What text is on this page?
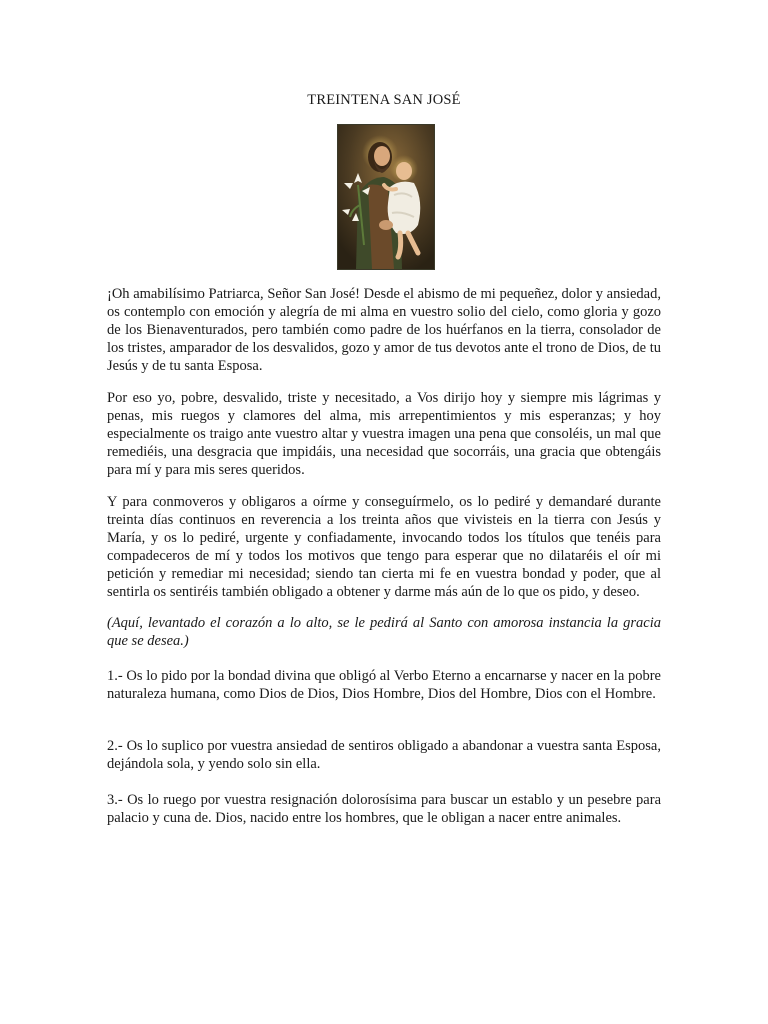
TREINTENA SAN JOSÉ

¡Oh amabilísimo Patriarca, Señor San José! Desde el abismo de mi pequeñez, dolor y ansiedad, os contemplo con emoción y alegría de mi alma en vuestro solio del cielo, como gloria y gozo de los Bienaventurados, pero también como padre de los huérfanos en la tierra, consolador de los tristes, amparador de los desvalidos, gozo y amor de tus devotos ante el trono de Dios, de tu Jesús y de tu santa Esposa.

Por eso yo, pobre, desvalido, triste y necesitado, a Vos dirijo hoy y siempre mis lágrimas y penas, mis ruegos y clamores del alma, mis arrepentimientos y mis esperanzas; y hoy especialmente os traigo ante vuestro altar y vuestra imagen una pena que consoléis, un mal que remediéis, una desgracia que impidáis, una necesidad que socorráis, una gracia que obtengáis para mí y para mis seres queridos.

Y para conmoveros y obligaros a oírme y conseguírmelo, os lo pediré y demandaré durante treinta días continuos en reverencia a los treinta años que vivisteis en la tierra con Jesús y María, y os lo pediré, urgente y confiadamente, invocando todos los títulos que tenéis para compadeceros de mí y todos los motivos que tengo para esperar que no dilataréis el oír mi petición y remediar mi necesidad; siendo tan cierta mi fe en vuestra bondad y poder, que al sentirla os sentiréis también obligado a obtener y darme más aún de lo que os pido, y deseo.

(Aquí, levantado el corazón a lo alto, se le pedirá al Santo con amorosa instancia la gracia que se desea.)

1.- Os lo pido por la bondad divina que obligó al Verbo Eterno a encarnarse y nacer en la pobre naturaleza humana, como Dios de Dios, Dios Hombre, Dios del Hombre, Dios con el Hombre.

2.- Os lo suplico por vuestra ansiedad de sentiros obligado a abandonar a vuestra santa Esposa, dejándola sola, y yendo solo sin ella.

3.- Os lo ruego por vuestra resignación dolorosísima para buscar un establo y un pesebre para palacio y cuna de. Dios, nacido entre los hombres, que le obligan a nacer entre animales.
